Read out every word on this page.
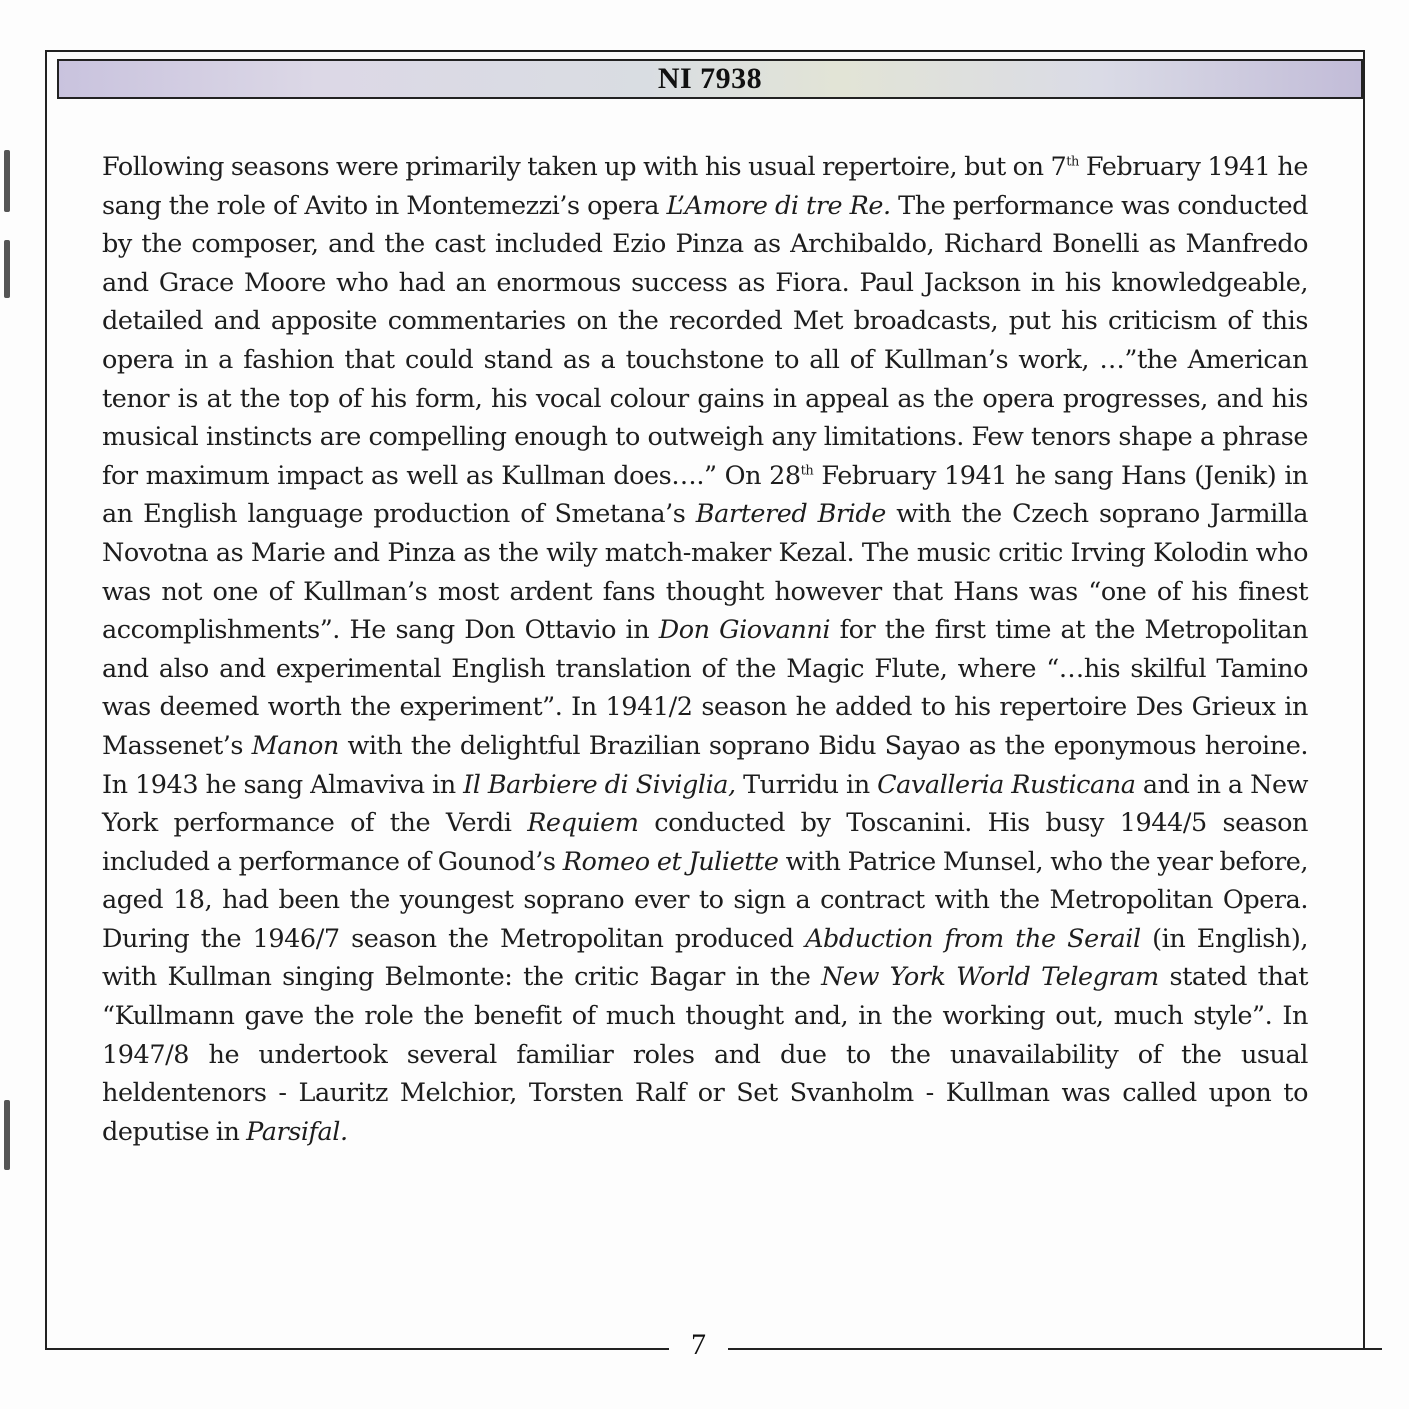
NI 7938
Following seasons were primarily taken up with his usual repertoire, but on 7th February 1941 he sang the role of Avito in Montemezzi’s opera L’Amore di tre Re. The performance was conducted by the composer, and the cast included Ezio Pinza as Archibaldo, Richard Bonelli as Manfredo and Grace Moore who had an enormous success as Fiora. Paul Jackson in his knowledgeable, detailed and apposite commentaries on the recorded Met broadcasts, put his criticism of this opera in a fashion that could stand as a touchstone to all of Kullman’s work, …”the American tenor is at the top of his form, his vocal colour gains in appeal as the opera progresses, and his musical instincts are compelling enough to outweigh any limitations. Few tenors shape a phrase for maximum impact as well as Kullman does….” On 28th February 1941 he sang Hans (Jenik) in an English language production of Smetana’s Bartered Bride with the Czech soprano Jarmilla Novotna as Marie and Pinza as the wily match-maker Kezal. The music critic Irving Kolodin who was not one of Kullman’s most ardent fans thought however that Hans was “one of his finest accomplishments”. He sang Don Ottavio in Don Giovanni for the first time at the Metropolitan and also and experimental English translation of the Magic Flute, where “…his skilful Tamino was deemed worth the experiment”. In 1941/2 season he added to his repertoire Des Grieux in Massenet’s Manon with the delightful Brazilian soprano Bidu Sayao as the eponymous heroine. In 1943 he sang Almaviva in Il Barbiere di Siviglia, Turridu in Cavalleria Rusticana and in a New York performance of the Verdi Requiem conducted by Toscanini. His busy 1944/5 season included a performance of Gounod’s Romeo et Juliette with Patrice Munsel, who the year before, aged 18, had been the youngest soprano ever to sign a contract with the Metropolitan Opera. During the 1946/7 season the Metropolitan produced Abduction from the Serail (in English), with Kullman singing Belmonte: the critic Bagar in the New York World Telegram stated that “Kullmann gave the role the benefit of much thought and, in the working out, much style”. In 1947/8 he undertook several familiar roles and due to the unavailability of the usual heldentenors - Lauritz Melchior, Torsten Ralf or Set Svanholm - Kullman was called upon to deputise in Parsifal.
7
